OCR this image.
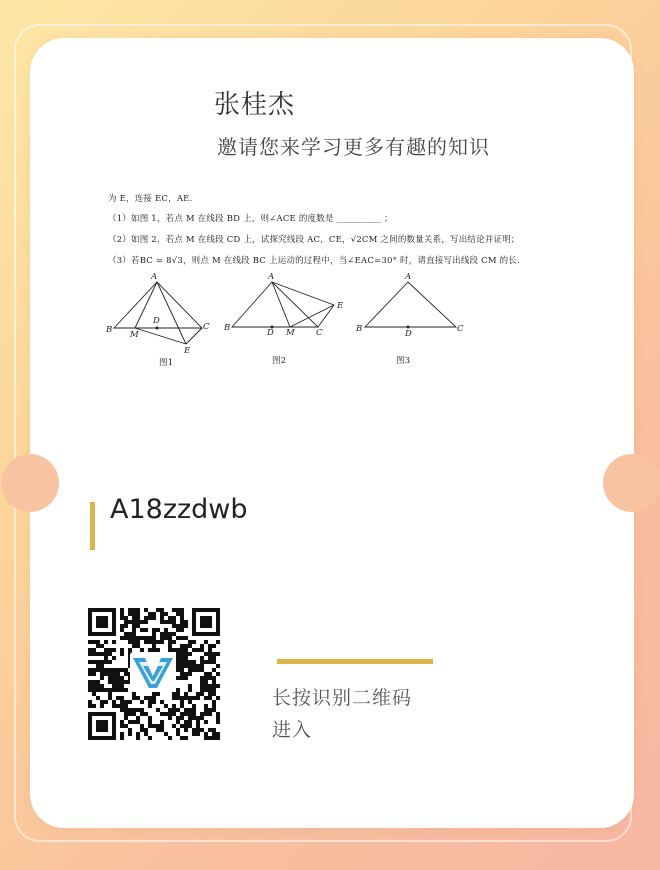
张桂杰
邀请您来学习更多有趣的知识
为 E，连接 EC，AE.
（1）如图 1，若点 M 在线段 BD 上，则∠ACE 的度数是 __________ ；
（2）如图 2，若点 M 在线段 CD 上，试探究线段 AC，CE，√2CM 之间的数量关系，写出结论并证明；
（3）若BC = 8√3，则点 M 在线段 BC 上运动的过程中，当∠EAC=30° 时，请直接写出线段 CM 的长.
A
B	C
D
M
E
图1
A
B	C
D M
E
图2
A
B	C
D
图3
A18zzdwb
长按识别二维码
进入
